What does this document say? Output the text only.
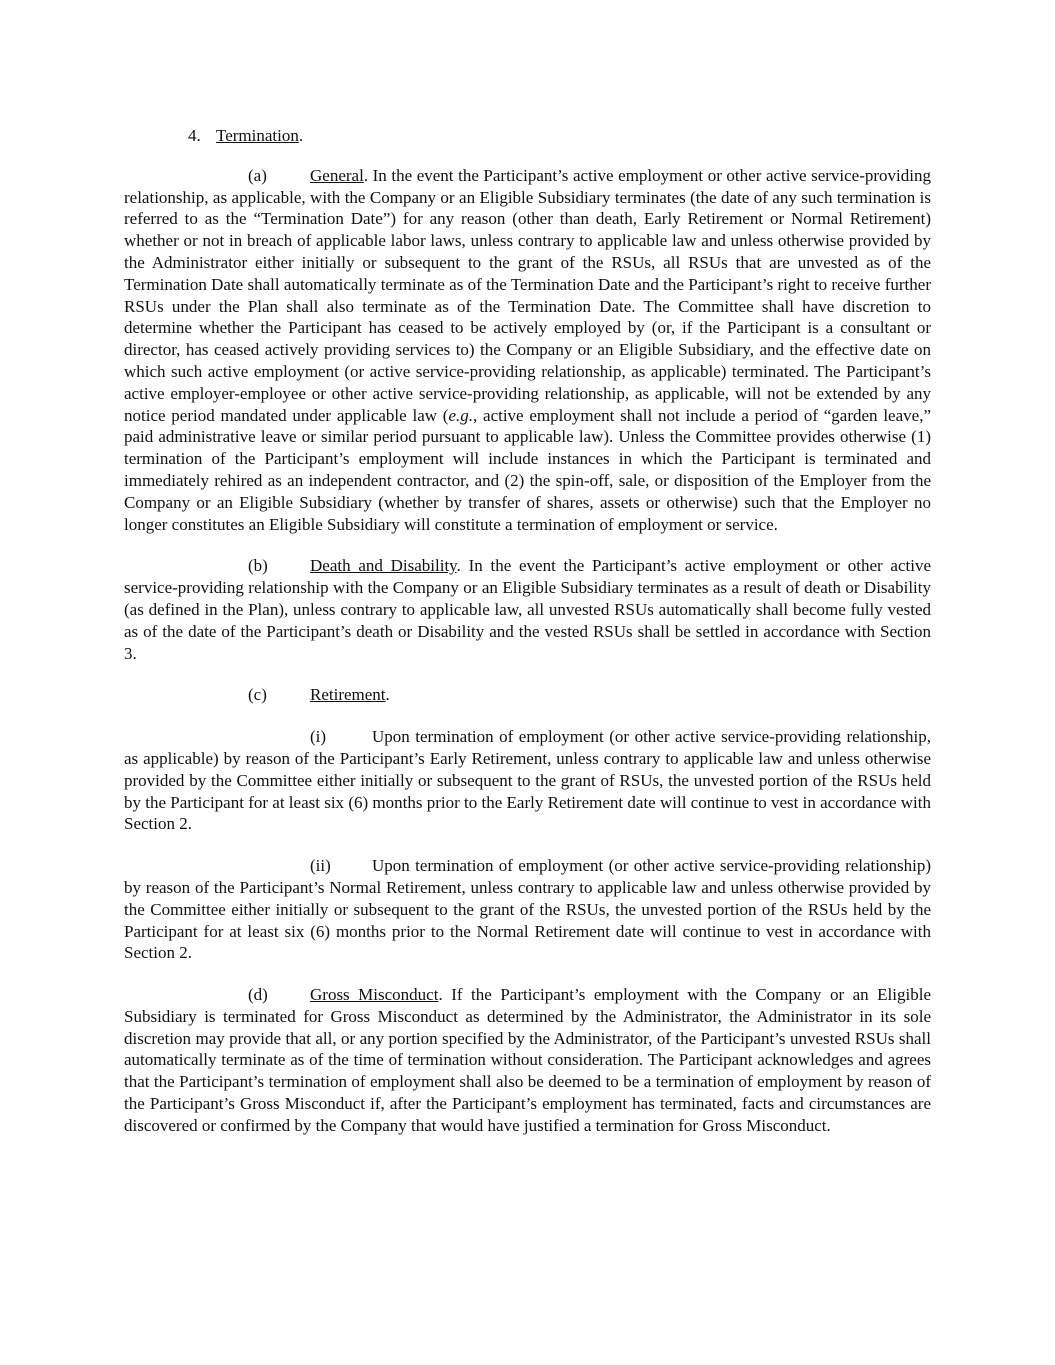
4. Termination.

(a)	General. In the event the Participant’s active employment or other active service-providing relationship, as applicable, with the Company or an Eligible Subsidiary terminates (the date of any such termination is referred to as the “Termination Date”) for any reason (other than death, Early Retirement or Normal Retirement) whether or not in breach of applicable labor laws, unless contrary to applicable law and unless otherwise provided by the Administrator either initially or subsequent to the grant of the RSUs, all RSUs that are unvested as of the Termination Date shall automatically terminate as of the Termination Date and the Participant’s right to receive further RSUs under the Plan shall also terminate as of the Termination Date. The Committee shall have discretion to determine whether the Participant has ceased to be actively employed by (or, if the Participant is a consultant or director, has ceased actively providing services to) the Company or an Eligible Subsidiary, and the effective date on which such active employment (or active service-providing relationship, as applicable) terminated. The Participant’s active employer-employee or other active service-providing relationship, as applicable, will not be extended by any notice period mandated under applicable law (e.g., active employment shall not include a period of “garden leave,” paid administrative leave or similar period pursuant to applicable law). Unless the Committee provides otherwise (1) termination of the Participant’s employment will include instances in which the Participant is terminated and immediately rehired as an independent contractor, and (2) the spin-off, sale, or disposition of the Employer from the Company or an Eligible Subsidiary (whether by transfer of shares, assets or otherwise) such that the Employer no longer constitutes an Eligible Subsidiary will constitute a termination of employment or service.

(b) Death and Disability. In the event the Participant’s active employment or other active service-providing relationship with the Company or an Eligible Subsidiary terminates as a result of death or Disability (as defined in the Plan), unless contrary to applicable law, all unvested RSUs automatically shall become fully vested as of the date of the Participant’s death or Disability and the vested RSUs shall be settled in accordance with Section 3.

(c)	Retirement.

(i)	Upon termination of employment (or other active service-providing relationship, as applicable) by reason of the Participant’s Early Retirement, unless contrary to applicable law and unless otherwise provided by the Committee either initially or subsequent to the grant of RSUs, the unvested portion of the RSUs held by the Participant for at least six (6) months prior to the Early Retirement date will continue to vest in accordance with Section 2.

(ii) Upon termination of employment (or other active service-providing relationship) by reason of the Participant’s Normal Retirement, unless contrary to applicable law and unless otherwise provided by the Committee either initially or subsequent to the grant of the RSUs, the unvested portion of the RSUs held by the Participant for at least six (6) months prior to the Normal Retirement date will continue to vest in accordance with Section 2.

(d) Gross Misconduct. If the Participant’s employment with the Company or an Eligible Subsidiary is terminated for Gross Misconduct as determined by the Administrator, the Administrator in its sole discretion may provide that all, or any portion specified by the Administrator, of the Participant’s unvested RSUs shall automatically terminate as of the time of termination without consideration. The Participant acknowledges and agrees that the Participant’s termination of employment shall also be deemed to be a termination of employment by reason of the Participant’s Gross Misconduct if, after the Participant’s employment has terminated, facts and circumstances are discovered or confirmed by the Company that would have justified a termination for Gross Misconduct.
